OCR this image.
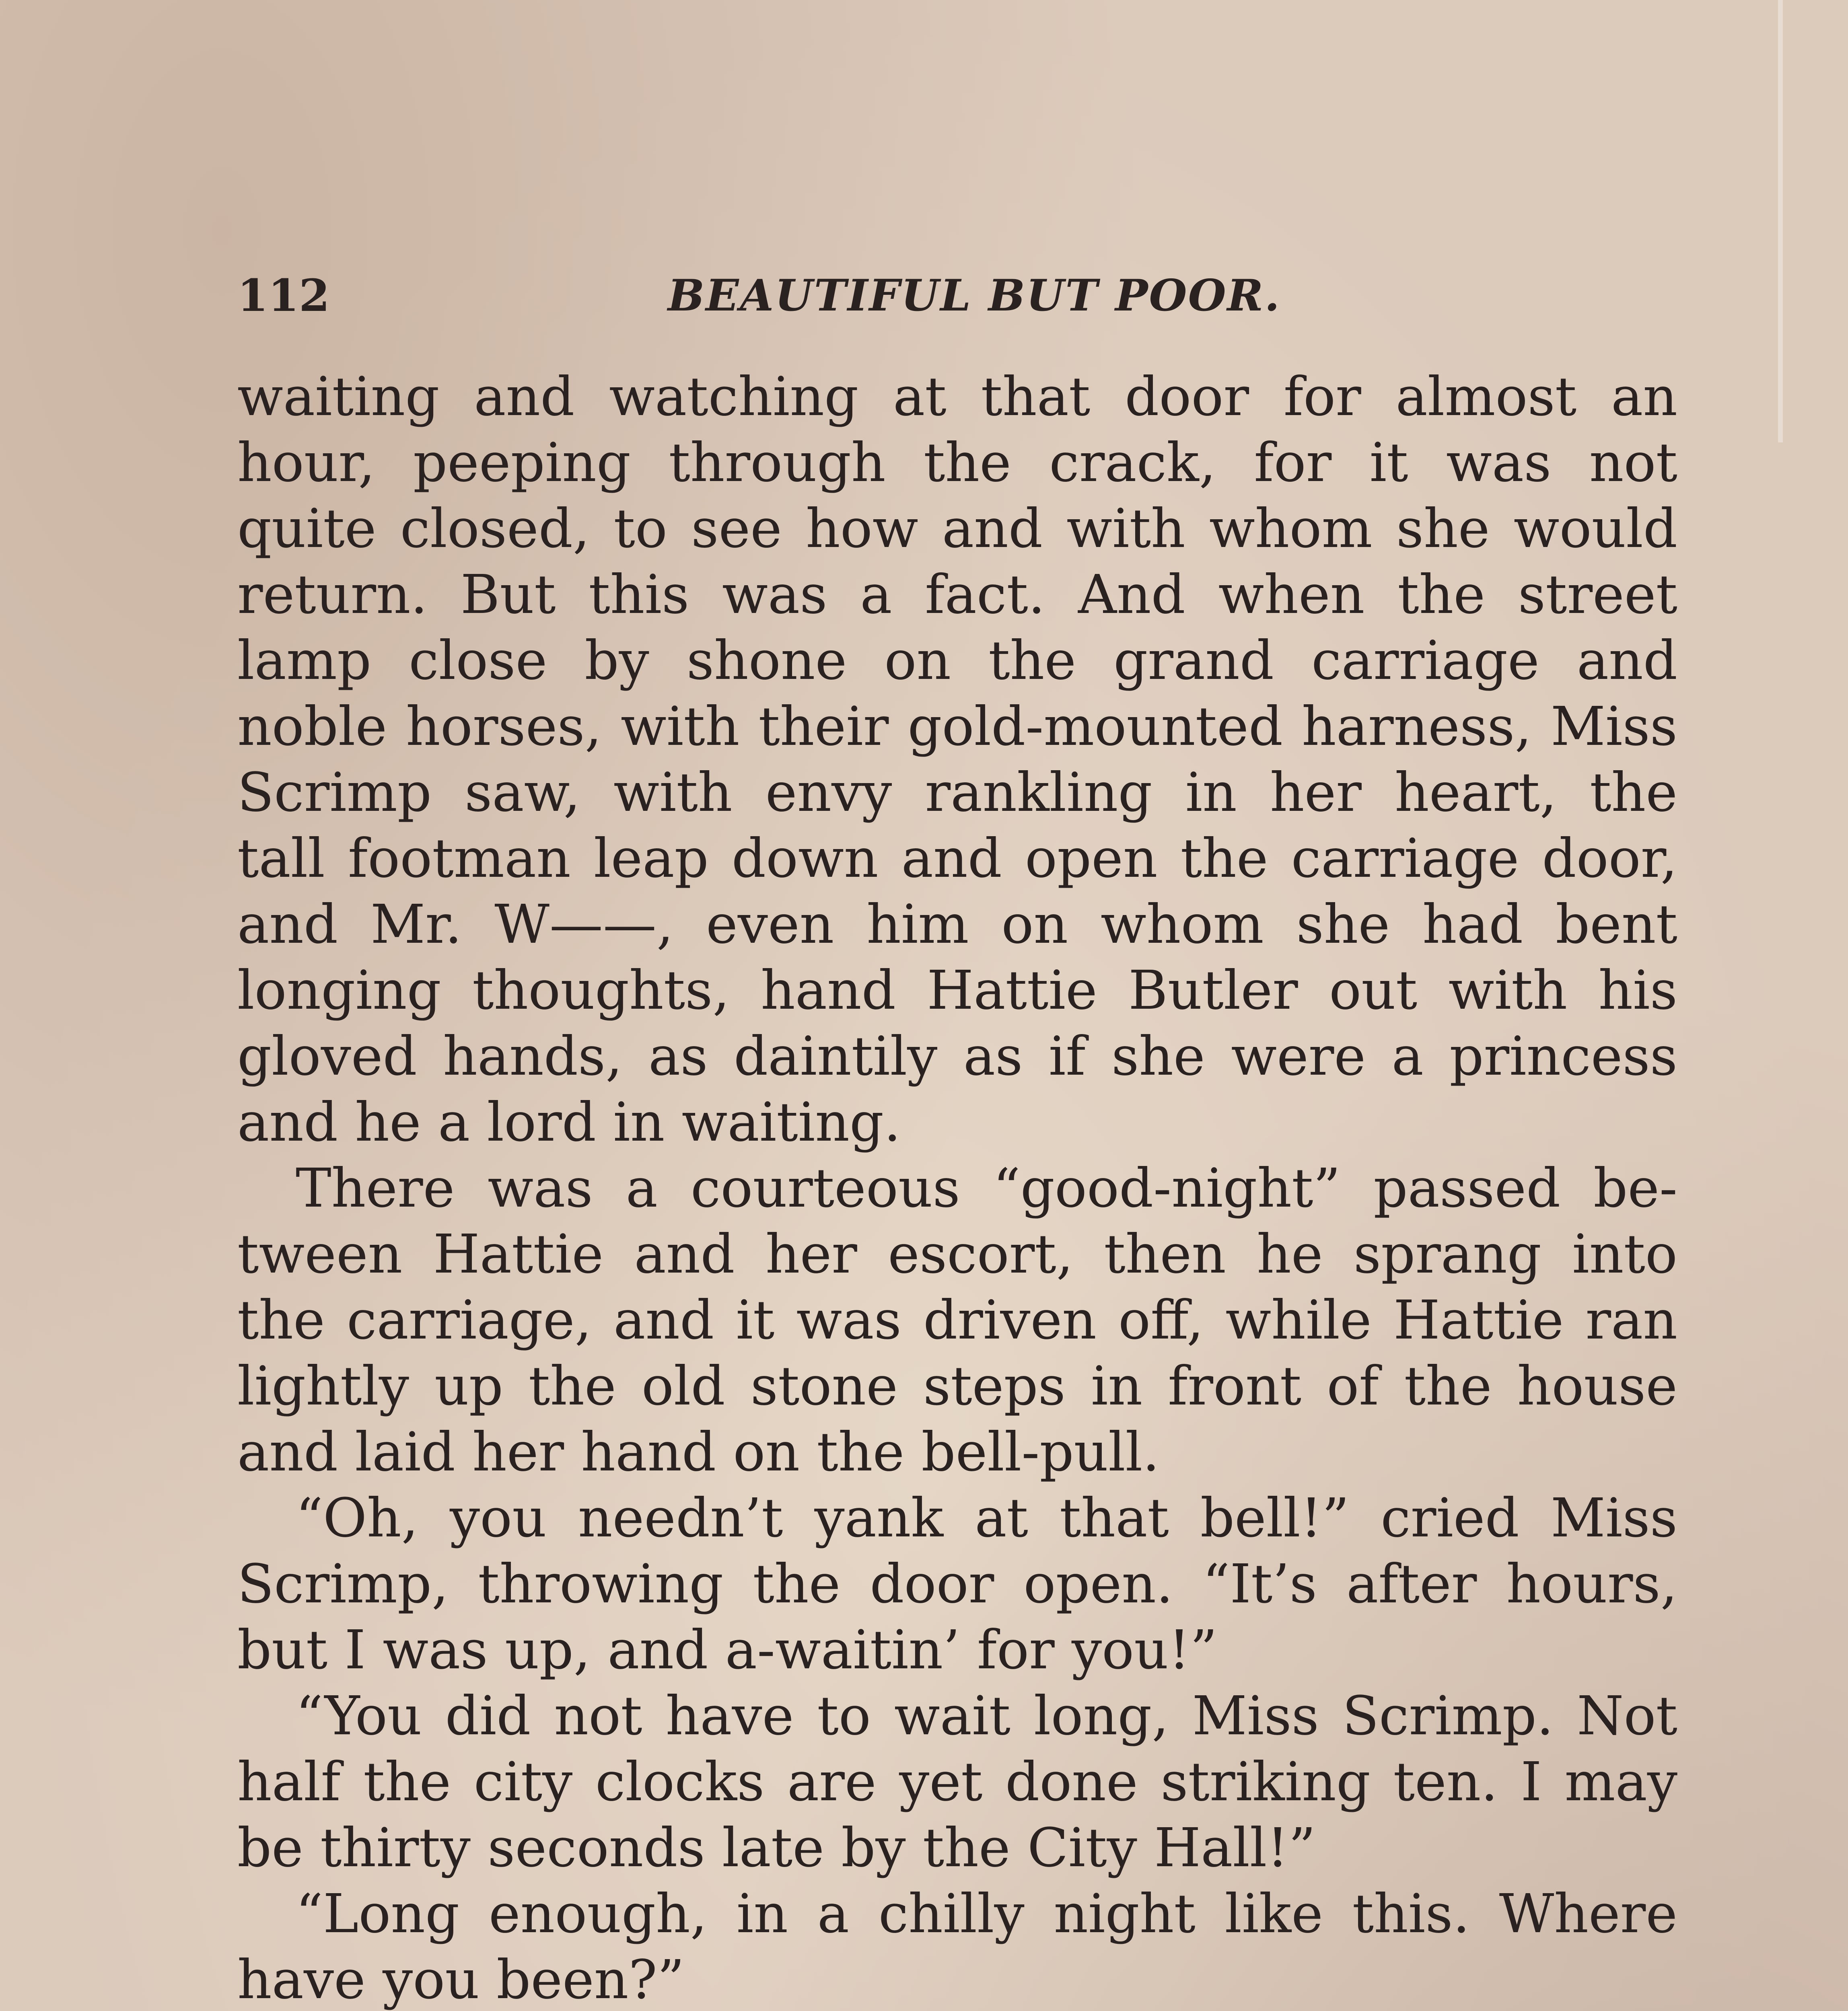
112	BEAUTIFUL BUT POOR.
waiting and watching at that door for almost an
hour, peeping through the crack, for it was not
quite closed, to see how and with whom she would
return. But this was a fact. And when the street
lamp close by shone on the grand carriage and
noble horses, with their gold-mounted harness, Miss
Scrimp saw, with envy rankling in her heart, the
tall footman leap down and open the carriage door,
and Mr. W——, even him on whom she had bent
longing thoughts, hand Hattie Butler out with his
gloved hands, as daintily as if she were a princess
and he a lord in waiting.
There was a courteous “good-night” passed be-
tween Hattie and her escort, then he sprang into
the carriage, and it was driven off, while Hattie ran
lightly up the old stone steps in front of the house
and laid her hand on the bell-pull.
“Oh, you needn’t yank at that bell!” cried Miss
Scrimp, throwing the door open. “It’s after hours,
but I was up, and a-waitin’ for you!”
“You did not have to wait long, Miss Scrimp. Not
half the city clocks are yet done striking ten. I may
be thirty seconds late by the City Hall!”
“Long enough, in a chilly night like this. Where
have you been?”
